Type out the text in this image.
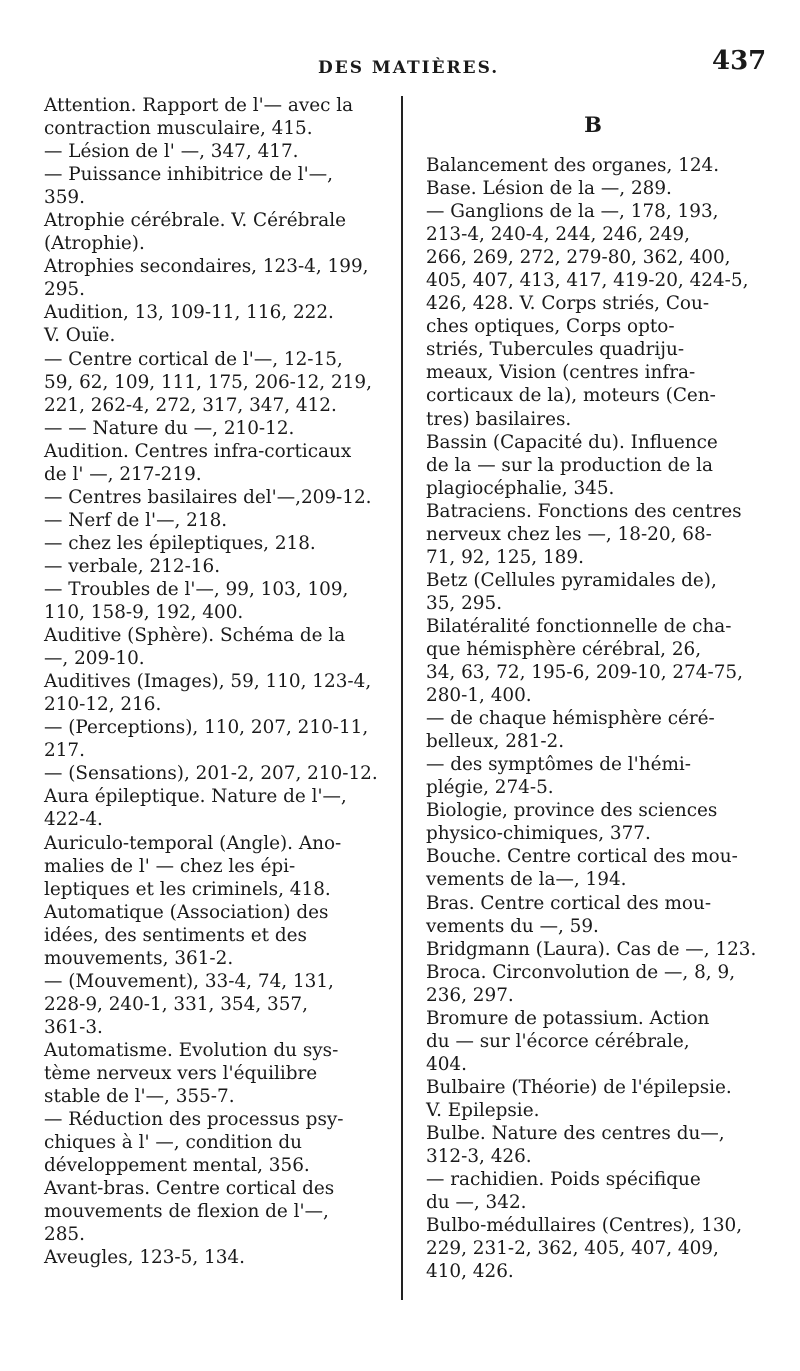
DES MATIÈRES.	437

Attention. Rapport de l'— avec la
contraction musculaire, 415.

— Lésion de l' —, 347, 417.

— Puissance inhibitrice de l'—,
359.

Atrophie cérébrale. V. Cérébrale
(Atrophie).

Atrophies secondaires, 123-4, 199,
295.

Audition, 13, 109-11, 116, 222.
V. Ouïe.

— Centre cortical de l'—, 12-15,
59, 62, 109, 111, 175, 206-12, 219,
221, 262-4, 272, 317, 347, 412.

— — Nature du —, 210-12.

Audition. Centres infra-corticaux
de l' —, 217-219.

— Centres basilaires del'—,209-12.

— Nerf de l'—, 218.

— chez les épileptiques, 218.

— verbale, 212-16.

— Troubles de l'—, 99, 103, 109,
110, 158-9, 192, 400.

Auditive (Sphère). Schéma de la
—, 209-10.

Auditives (Images), 59, 110, 123-4,
210-12, 216.

— (Perceptions), 110, 207, 210-11,
217.

— (Sensations), 201-2, 207, 210-12.

Aura épileptique. Nature de l'—,
422-4.

Auriculo-temporal (Angle). Ano-
malies de l' — chez les épi-
leptiques et les criminels, 418.

Automatique (Association) des
idées, des sentiments et des
mouvements, 361-2.

— (Mouvement), 33-4, 74, 131,
228-9, 240-1, 331, 354, 357,
361-3.

Automatisme. Evolution du sys-
tème nerveux vers l'équilibre
stable de l'—, 355-7.

— Réduction des processus psy-
chiques à l' —, condition du
développement mental, 356.

Avant-bras. Centre cortical des
mouvements de flexion de l'—,
285.

Aveugles, 123-5, 134.

B

Balancement des organes, 124.

Base. Lésion de la —, 289.

— Ganglions de la —, 178, 193,
213-4, 240-4, 244, 246, 249,
266, 269, 272, 279-80, 362, 400,
405, 407, 413, 417, 419-20, 424-5,
426, 428. V. Corps striés, Cou-
ches optiques, Corps opto-
striés, Tubercules quadriju-
meaux, Vision (centres infra-
corticaux de la), moteurs (Cen-
tres) basilaires.

Bassin (Capacité du). Influence
de la — sur la production de la
plagiocéphalie, 345.

Batraciens. Fonctions des centres
nerveux chez les —, 18-20, 68-
71, 92, 125, 189.

Betz (Cellules pyramidales de),
35, 295.

Bilatéralité fonctionnelle de cha-
que hémisphère cérébral, 26,
34, 63, 72, 195-6, 209-10, 274-75,
280-1, 400.

— de chaque hémisphère céré-
belleux, 281-2.

— des symptômes de l'hémi-
plégie, 274-5.

Biologie, province des sciences
physico-chimiques, 377.

Bouche. Centre cortical des mou-
vements de la—, 194.

Bras. Centre cortical des mou-
vements du —, 59.

Bridgmann (Laura). Cas de —, 123.

Broca. Circonvolution de —, 8, 9,
236, 297.

Bromure de potassium. Action
du — sur l'écorce cérébrale,
404.

Bulbaire (Théorie) de l'épilepsie.
V. Epilepsie.

Bulbe. Nature des centres du—,
312-3, 426.

— rachidien. Poids spécifique
du —, 342.

Bulbo-médullaires (Centres), 130,
229, 231-2, 362, 405, 407, 409,
410, 426.
